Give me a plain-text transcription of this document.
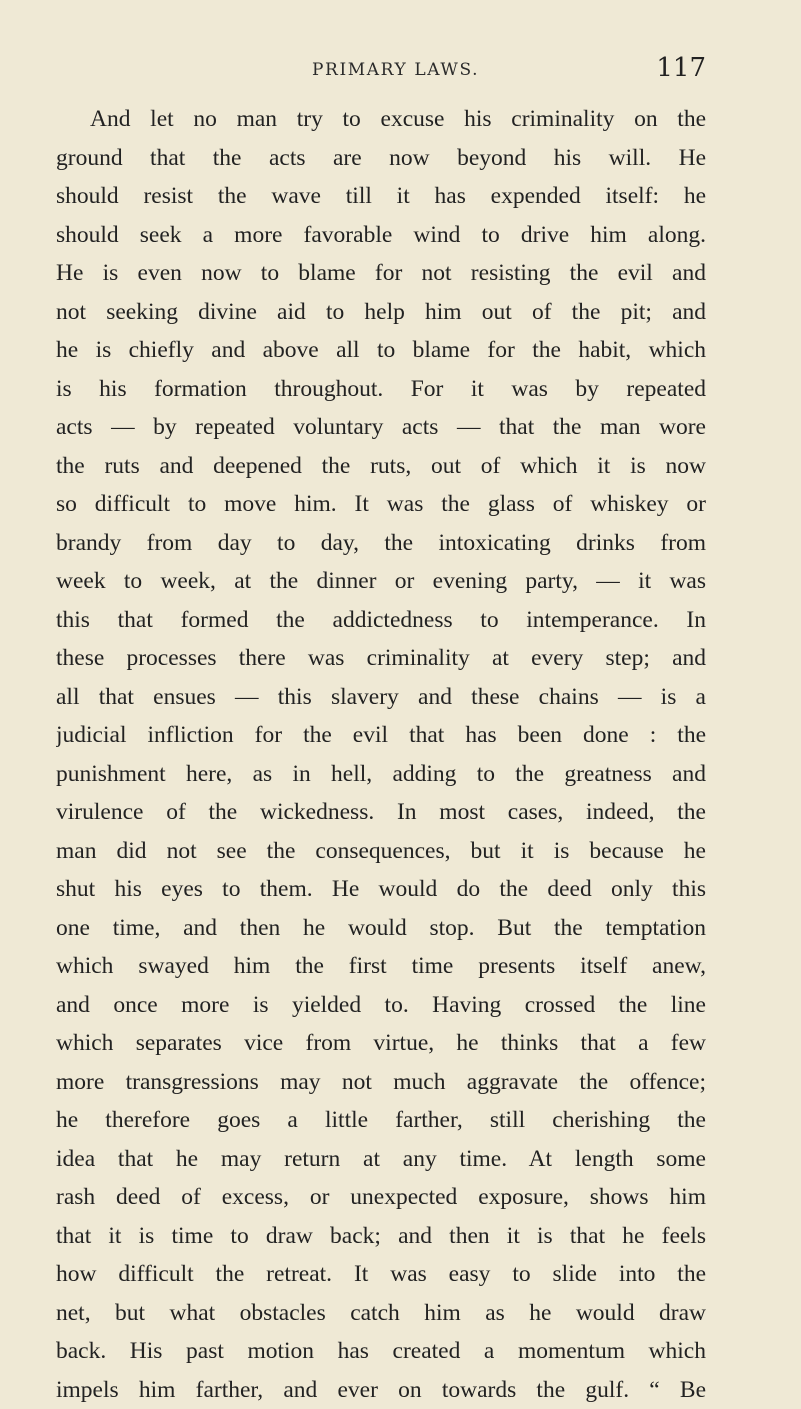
PRIMARY LAWS.	117
And let no man try to excuse his criminality on the
ground that the acts are now beyond his will. He
should resist the wave till it has expended itself: he
should seek a more favorable wind to drive him along.
He is even now to blame for not resisting the evil and
not seeking divine aid to help him out of the pit; and
he is chiefly and above all to blame for the habit, which
is his formation throughout. For it was by repeated
acts — by repeated voluntary acts — that the man wore
the ruts and deepened the ruts, out of which it is now
so difficult to move him. It was the glass of whiskey or
brandy from day to day, the intoxicating drinks from
week to week, at the dinner or evening party, — it was
this that formed the addictedness to intemperance. In
these processes there was criminality at every step; and
all that ensues — this slavery and these chains — is a
judicial infliction for the evil that has been done : the
punishment here, as in hell, adding to the greatness and
virulence of the wickedness. In most cases, indeed, the
man did not see the consequences, but it is because he
shut his eyes to them. He would do the deed only this
one time, and then he would stop. But the temptation
which swayed him the first time presents itself anew,
and once more is yielded to. Having crossed the line
which separates vice from virtue, he thinks that a few
more transgressions may not much aggravate the offence;
he therefore goes a little farther, still cherishing the
idea that he may return at any time. At length some
rash deed of excess, or unexpected exposure, shows him
that it is time to draw back; and then it is that he feels
how difficult the retreat. It was easy to slide into the
net, but what obstacles catch him as he would draw
back. His past motion has created a momentum which
impels him farther, and ever on towards the gulf. “ Be
